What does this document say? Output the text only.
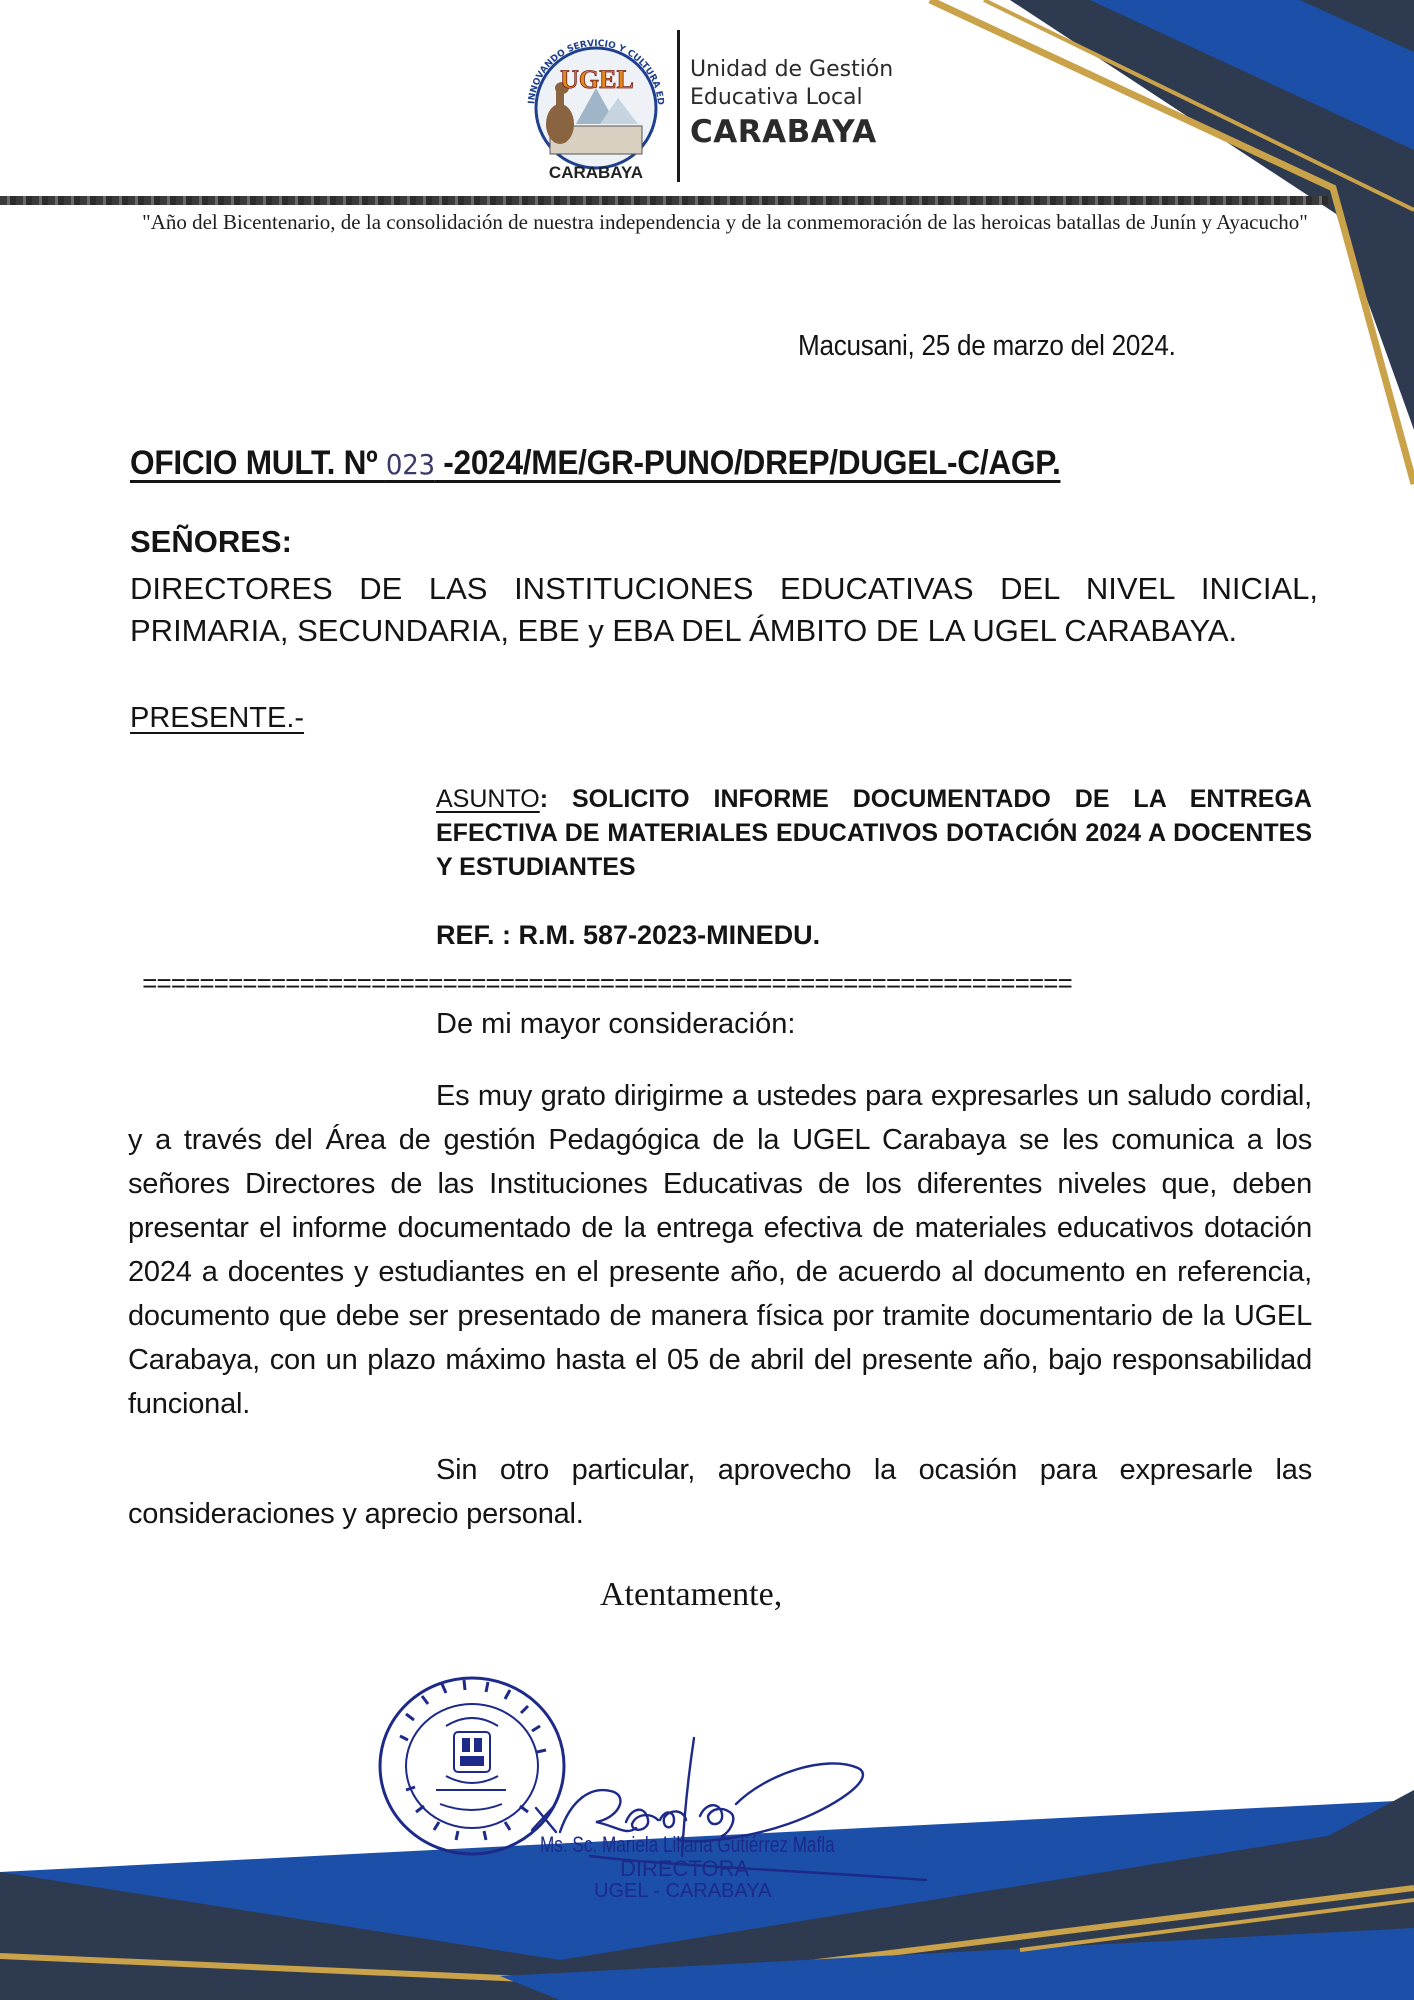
INNOVANDO SERVICIO Y CULTURA ED
UGEL
CARABAYA
Unidad de Gestión
Educativa Local
CARABAYA
"Año del Bicentenario, de la consolidación de nuestra independencia y de la conmemoración de las heroicas batallas de Junín y Ayacucho"
Macusani, 25 de marzo del 2024.
OFICIO MULT. Nº 023 -2024/ME/GR-PUNO/DREP/DUGEL-C/AGP.
SEÑORES:
DIRECTORES DE LAS INSTITUCIONES EDUCATIVAS DEL NIVEL INICIAL,
PRIMARIA, SECUNDARIA, EBE y EBA DEL ÁMBITO DE LA UGEL CARABAYA.
PRESENTE.-
ASUNTO: SOLICITO INFORME DOCUMENTADO DE LA ENTREGA EFECTIVA DE MATERIALES EDUCATIVOS DOTACIÓN 2024 A DOCENTES Y ESTUDIANTES
REF. : R.M. 587-2023-MINEDU.
=================================================================
De mi mayor consideración:
Es muy grato dirigirme a ustedes para expresarles un saludo cordial, y a través del Área de gestión Pedagógica de la UGEL Carabaya se les comunica a los señores Directores de las Instituciones Educativas de los diferentes niveles que, deben presentar el informe documentado de la entrega efectiva de materiales educativos dotación 2024 a docentes y estudiantes en el presente año, de acuerdo al documento en referencia, documento que debe ser presentado de manera física por tramite documentario de la UGEL Carabaya, con un plazo máximo hasta el 05 de abril del presente año, bajo responsabilidad funcional.
Sin otro particular, aprovecho la ocasión para expresarle las consideraciones y aprecio personal.
Atentamente,
Ms. Sc. Mariela Liliana Gutiérrez Mafla
DIRECTORA
UGEL - CARABAYA
